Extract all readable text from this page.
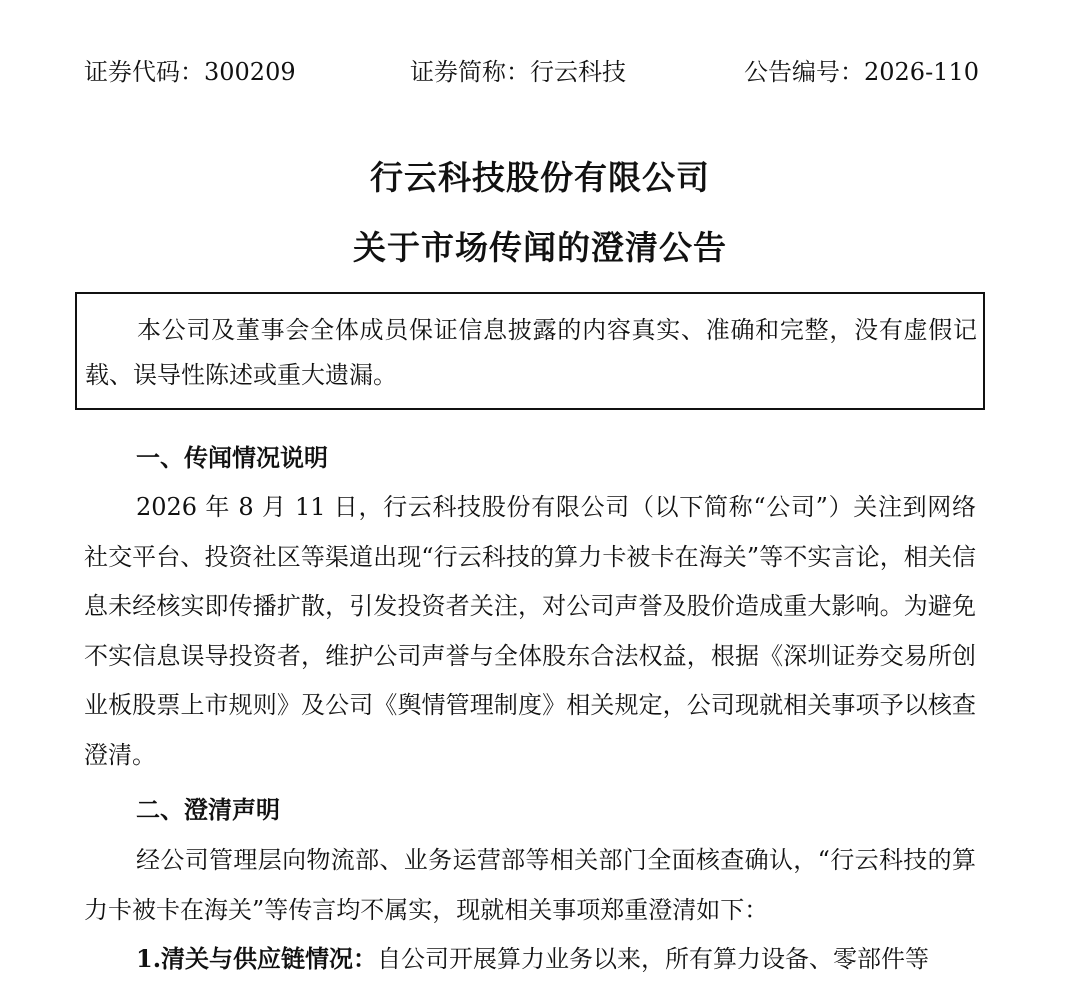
证券代码：300209	证券简称：行云科技	公告编号：2026-110
行云科技股份有限公司
关于市场传闻的澄清公告
本公司及董事会全体成员保证信息披露的内容真实、准确和完整，没有虚假记载、误导性陈述或重大遗漏。
一、传闻情况说明
2026 年 8 月 11 日，行云科技股份有限公司（以下简称“公司”）关注到网络社交平台、投资社区等渠道出现“行云科技的算力卡被卡在海关”等不实言论，相关信息未经核实即传播扩散，引发投资者关注，对公司声誉及股价造成重大影响。为避免不实信息误导投资者，维护公司声誉与全体股东合法权益，根据《深圳证券交易所创业板股票上市规则》及公司《舆情管理制度》相关规定，公司现就相关事项予以核查澄清。
二、澄清声明
经公司管理层向物流部、业务运营部等相关部门全面核查确认，“行云科技的算力卡被卡在海关”等传言均不属实，现就相关事项郑重澄清如下：
1.清关与供应链情况：自公司开展算力业务以来，所有算力设备、零部件等
